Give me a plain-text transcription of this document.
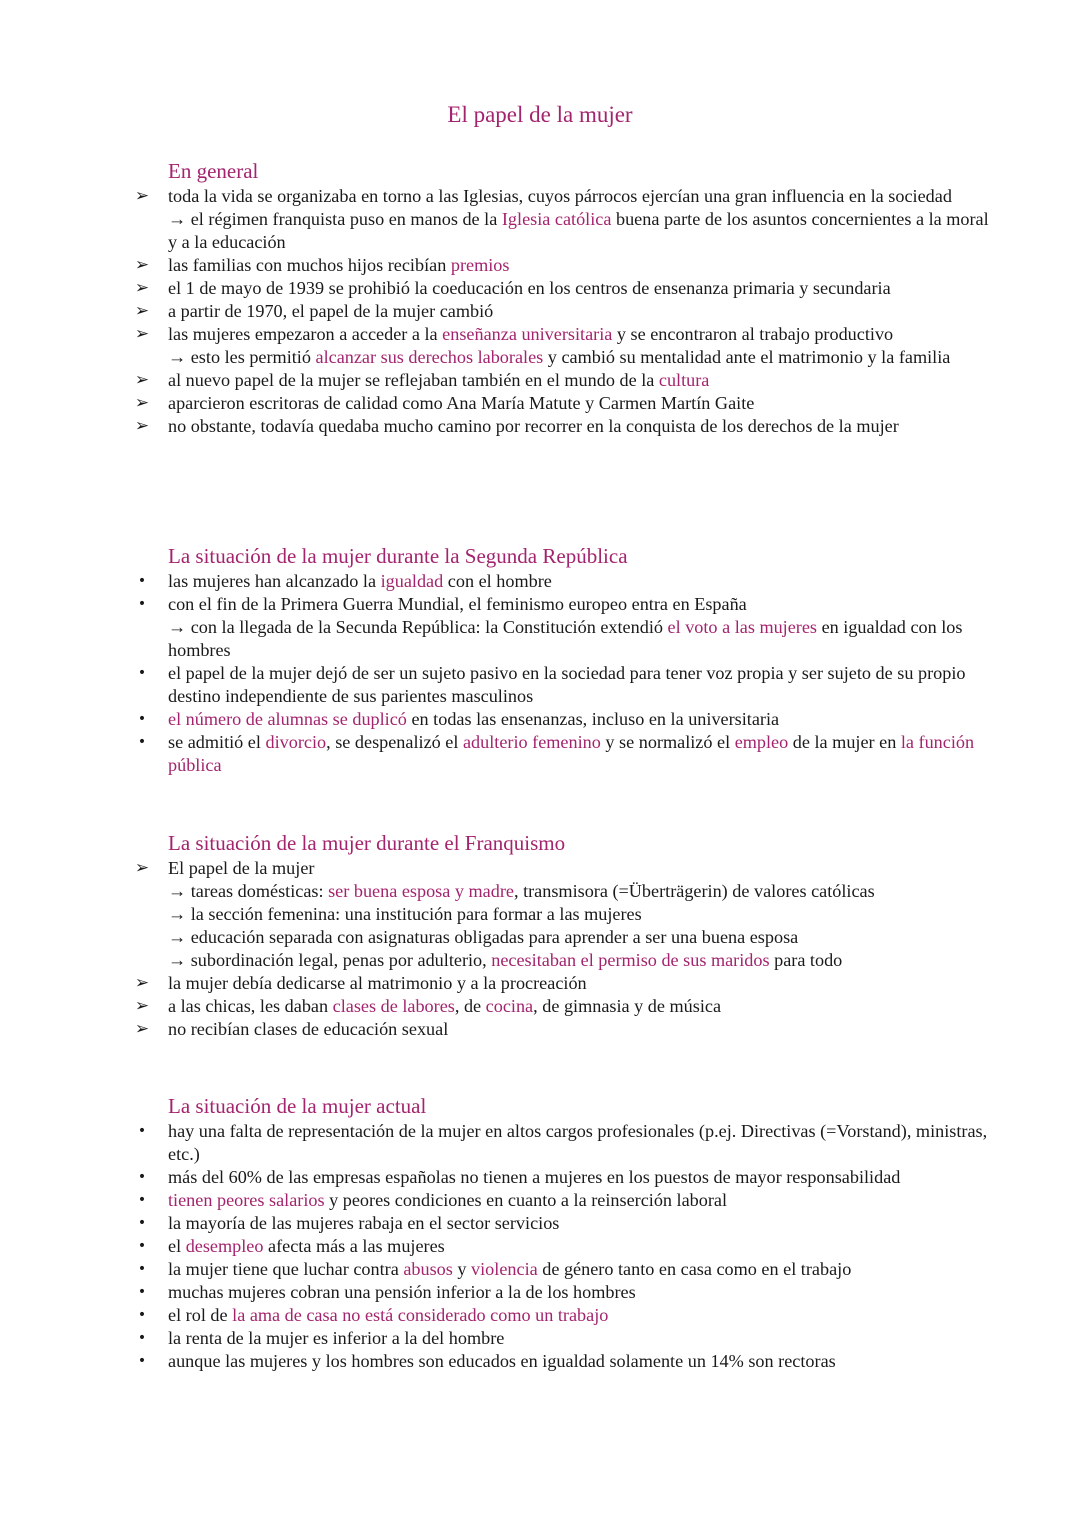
El papel de la mujer
En general
➢ toda la vida se organizaba en torno a las Iglesias, cuyos párrocos ejercían una gran influencia en la sociedad
→ el régimen franquista puso en manos de la Iglesia católica buena parte de los asuntos concernientes a la moral y a la educación
➢ las familias con muchos hijos recibían premios
➢ el 1 de mayo de 1939 se prohibió la coeducación en los centros de ensenanza primaria y secundaria
➢ a partir de 1970, el papel de la mujer cambió
➢ las mujeres empezaron a acceder a la enseñanza universitaria y se encontraron al trabajo productivo
→ esto les permitió alcanzar sus derechos laborales y cambió su mentalidad ante el matrimonio y la familia
➢ al nuevo papel de la mujer se reflejaban también en el mundo de la cultura
➢ aparcieron escritoras de calidad como Ana María Matute y Carmen Martín Gaite
➢ no obstante, todavía quedaba mucho camino por recorrer en la conquista de los derechos de la mujer
La situación de la mujer durante la Segunda República
•	las mujeres han alcanzado la igualdad con el hombre
•	con el fin de la Primera Guerra Mundial, el feminismo europeo entra en España
→ con la llegada de la Secunda República: la Constitución extendió el voto a las mujeres en igualdad con los hombres
•	el papel de la mujer dejó de ser un sujeto pasivo en la sociedad para tener voz propia y ser sujeto de su propio destino independiente de sus parientes masculinos
•	el número de alumnas se duplicó en todas las ensenanzas, incluso en la universitaria
•	se admitió el divorcio, se despenalizó el adulterio femenino y se normalizó el empleo de la mujer en la función pública
La situación de la mujer durante el Franquismo
➢ El papel de la mujer
→ tareas domésticas: ser buena esposa y madre, transmisora (=Überträgerin) de valores católicas
→ la sección femenina: una institución para formar a las mujeres
→ educación separada con asignaturas obligadas para aprender a ser una buena esposa
→ subordinación legal, penas por adulterio, necesitaban el permiso de sus maridos para todo
➢ la mujer debía dedicarse al matrimonio y a la procreación
➢ a las chicas, les daban clases de labores, de cocina, de gimnasia y de música
➢ no recibían clases de educación sexual
La situación de la mujer actual
•	hay una falta de representación de la mujer en altos cargos profesionales (p.ej. Directivas (=Vorstand), ministras, etc.)
•	más del 60% de las empresas españolas no tienen a mujeres en los puestos de mayor responsabilidad
•	tienen peores salarios y peores condiciones en cuanto a la reinserción laboral
•	la mayoría de las mujeres rabaja en el sector servicios
•	el desempleo afecta más a las mujeres
•	la mujer tiene que luchar contra abusos y violencia de género tanto en casa como en el trabajo
•	muchas mujeres cobran una pensión inferior a la de los hombres
•	el rol de la ama de casa no está considerado como un trabajo
•	la renta de la mujer es inferior a la del hombre
•	aunque las mujeres y los hombres son educados en igualdad solamente un 14% son rectoras
